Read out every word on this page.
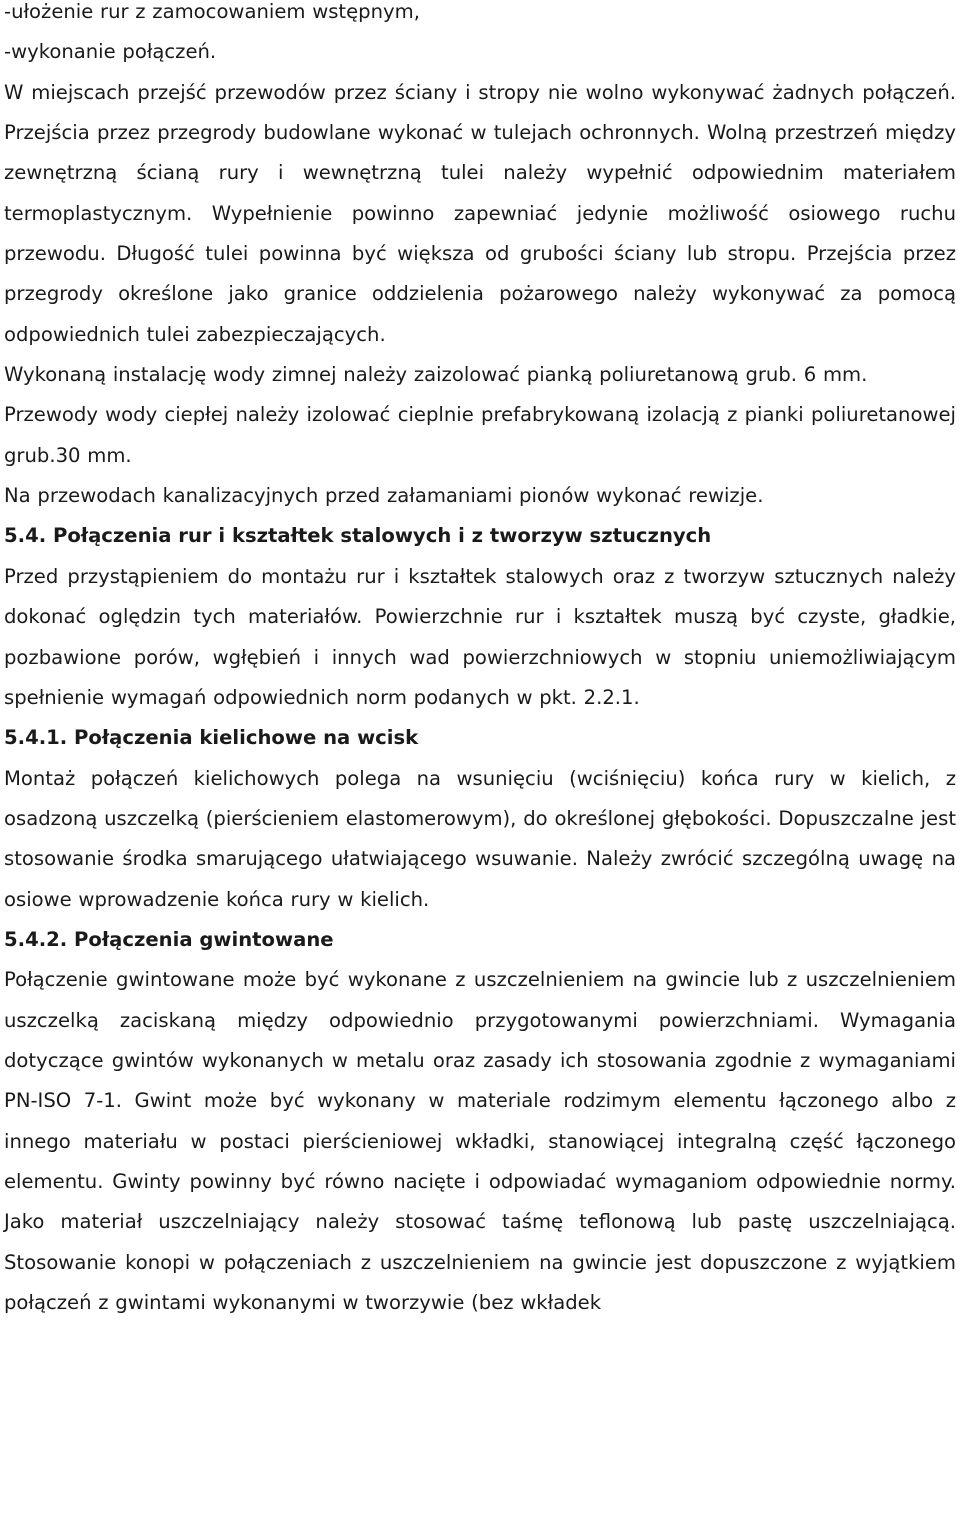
-ułożenie rur z zamocowaniem wstępnym,
-wykonanie połączeń.
W miejscach przejść przewodów przez ściany i stropy nie wolno wykonywać żadnych połączeń. Przejścia przez przegrody budowlane wykonać w tulejach ochronnych. Wolną przestrzeń między zewnętrzną ścianą rury i wewnętrzną tulei należy wypełnić odpowiednim materiałem termoplastycznym. Wypełnienie powinno zapewniać jedynie możliwość osiowego ruchu przewodu. Długość tulei powinna być większa od grubości ściany lub stropu. Przejścia przez przegrody określone jako granice oddzielenia pożarowego należy wykonywać za pomocą odpowiednich tulei zabezpieczających.
Wykonaną instalację wody zimnej należy zaizolować pianką poliuretanową grub. 6 mm.
Przewody wody ciepłej należy izolować cieplnie prefabrykowaną izolacją z pianki poliuretanowej grub.30 mm.
Na przewodach kanalizacyjnych przed załamaniami pionów wykonać rewizje.
5.4. Połączenia rur i kształtek stalowych i z tworzyw sztucznych
Przed przystąpieniem do montażu rur i kształtek stalowych oraz z tworzyw sztucznych należy dokonać oględzin tych materiałów. Powierzchnie rur i kształtek muszą być czyste, gładkie, pozbawione porów, wgłębień i innych wad powierzchniowych w stopniu uniemożliwiającym spełnienie wymagań odpowiednich norm podanych w pkt. 2.2.1.
5.4.1. Połączenia kielichowe na wcisk
Montaż połączeń kielichowych polega na wsunięciu (wciśnięciu) końca rury w kielich, z osadzoną uszczelką (pierścieniem elastomerowym), do określonej głębokości. Dopuszczalne jest stosowanie środka smarującego ułatwiającego wsuwanie. Należy zwrócić szczególną uwagę na osiowe wprowadzenie końca rury w kielich.
5.4.2. Połączenia gwintowane
Połączenie gwintowane może być wykonane z uszczelnieniem na gwincie lub z uszczelnieniem uszczelką zaciskaną między odpowiednio przygotowanymi powierzchniami. Wymagania dotyczące gwintów wykonanych w metalu oraz zasady ich stosowania zgodnie z wymaganiami PN-ISO 7-1. Gwint może być wykonany w materiale rodzimym elementu łączonego albo z innego materiału w postaci pierścieniowej wkładki, stanowiącej integralną część łączonego elementu. Gwinty powinny być równo nacięte i odpowiadać wymaganiom odpowiednie normy. Jako materiał uszczelniający należy stosować taśmę teflonową lub pastę uszczelniającą. Stosowanie konopi w połączeniach z uszczelnieniem na gwincie jest dopuszczone z wyjątkiem połączeń z gwintami wykonanymi w tworzywie (bez wkładek
